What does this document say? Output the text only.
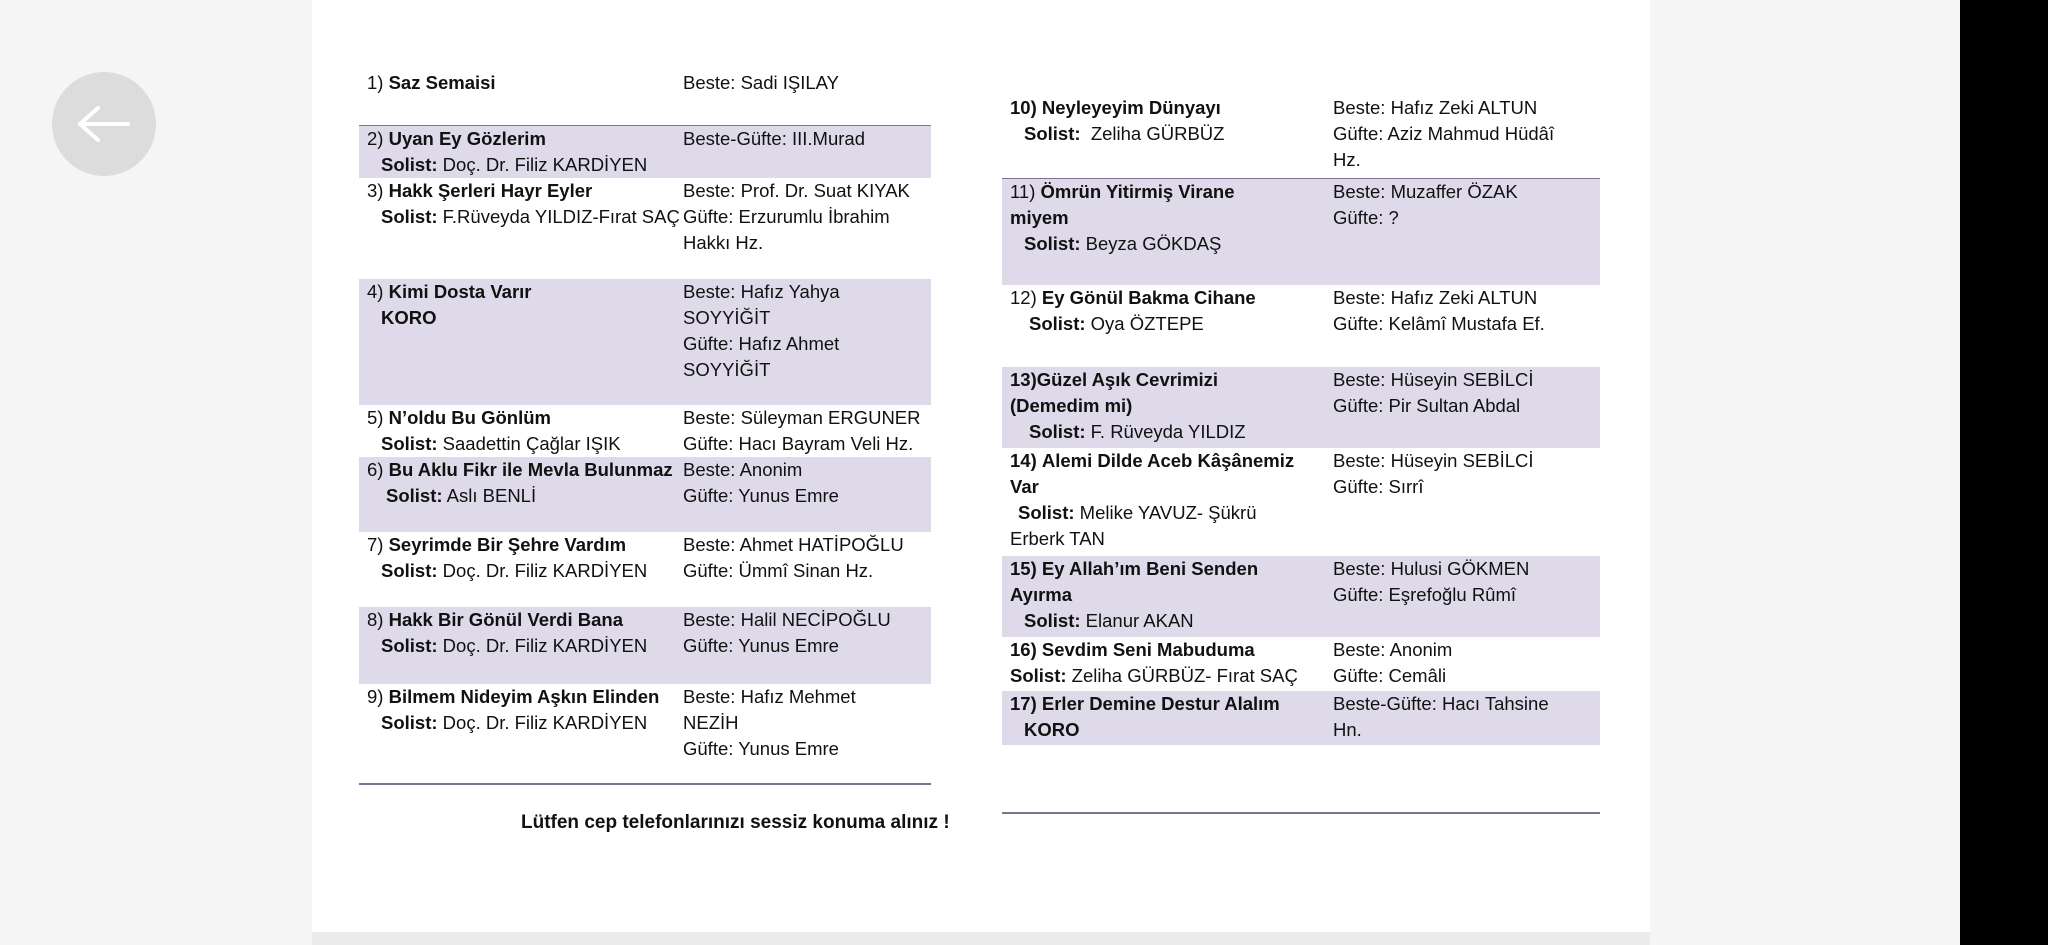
1) Saz Semaisi	Beste: Sadi IŞILAY
2) Uyan Ey Gözlerim
Solist: Doç. Dr. Filiz KARDİYEN
Beste-Güfte: III.Murad
3) Hakk Şerleri Hayr Eyler
Solist: F.Rüveyda YILDIZ-Fırat SAÇ
Beste: Prof. Dr. Suat KIYAK
Güfte: Erzurumlu İbrahim
Hakkı Hz.
4) Kimi Dosta Varır
KORO
Beste: Hafız Yahya
SOYYİĞİT
Güfte: Hafız Ahmet
SOYYİĞİT
5) N’oldu Bu Gönlüm
Solist: Saadettin Çağlar IŞIK
Beste: Süleyman ERGUNER
Güfte: Hacı Bayram Veli Hz.
6) Bu Aklu Fikr ile Mevla Bulunmaz
Solist: Aslı BENLİ
Beste: Anonim
Güfte: Yunus Emre
7) Seyrimde Bir Şehre Vardım
Solist: Doç. Dr. Filiz KARDİYEN
Beste: Ahmet HATİPOĞLU
Güfte: Ümmî Sinan Hz.
8) Hakk Bir Gönül Verdi Bana
Solist: Doç. Dr. Filiz KARDİYEN
Beste: Halil NECİPOĞLU
Güfte: Yunus Emre
9) Bilmem Nideyim Aşkın Elinden
Solist: Doç. Dr. Filiz KARDİYEN
Beste: Hafız Mehmet
NEZİH
Güfte: Yunus Emre
10) Neyleyeyim Dünyayı
Solist: Zeliha GÜRBÜZ
Beste: Hafız Zeki ALTUN
Güfte: Aziz Mahmud Hüdâî
Hz.
11) Ömrün Yitirmiş Virane
miyem
Solist: Beyza GÖKDAŞ
Beste: Muzaffer ÖZAK
Güfte: ?
12) Ey Gönül Bakma Cihane
Solist: Oya ÖZTEPE
Beste: Hafız Zeki ALTUN
Güfte: Kelâmî Mustafa Ef.
13)Güzel Aşık Cevrimizi
(Demedim mi)
Solist: F. Rüveyda YILDIZ
Beste: Hüseyin SEBİLCİ
Güfte: Pir Sultan Abdal
14) Alemi Dilde Aceb Kâşânemiz
Var
Solist: Melike YAVUZ- Şükrü
Erberk TAN
Beste: Hüseyin SEBİLCİ
Güfte: Sırrî
15) Ey Allah’ım Beni Senden
Ayırma
Solist: Elanur AKAN
Beste: Hulusi GÖKMEN
Güfte: Eşrefoğlu Rûmî
16) Sevdim Seni Mabuduma
Solist: Zeliha GÜRBÜZ- Fırat SAÇ
Beste: Anonim
Güfte: Cemâli
17) Erler Demine Destur Alalım
KORO
Beste-Güfte: Hacı Tahsine
Hn.
Lütfen cep telefonlarınızı sessiz konuma alınız !
